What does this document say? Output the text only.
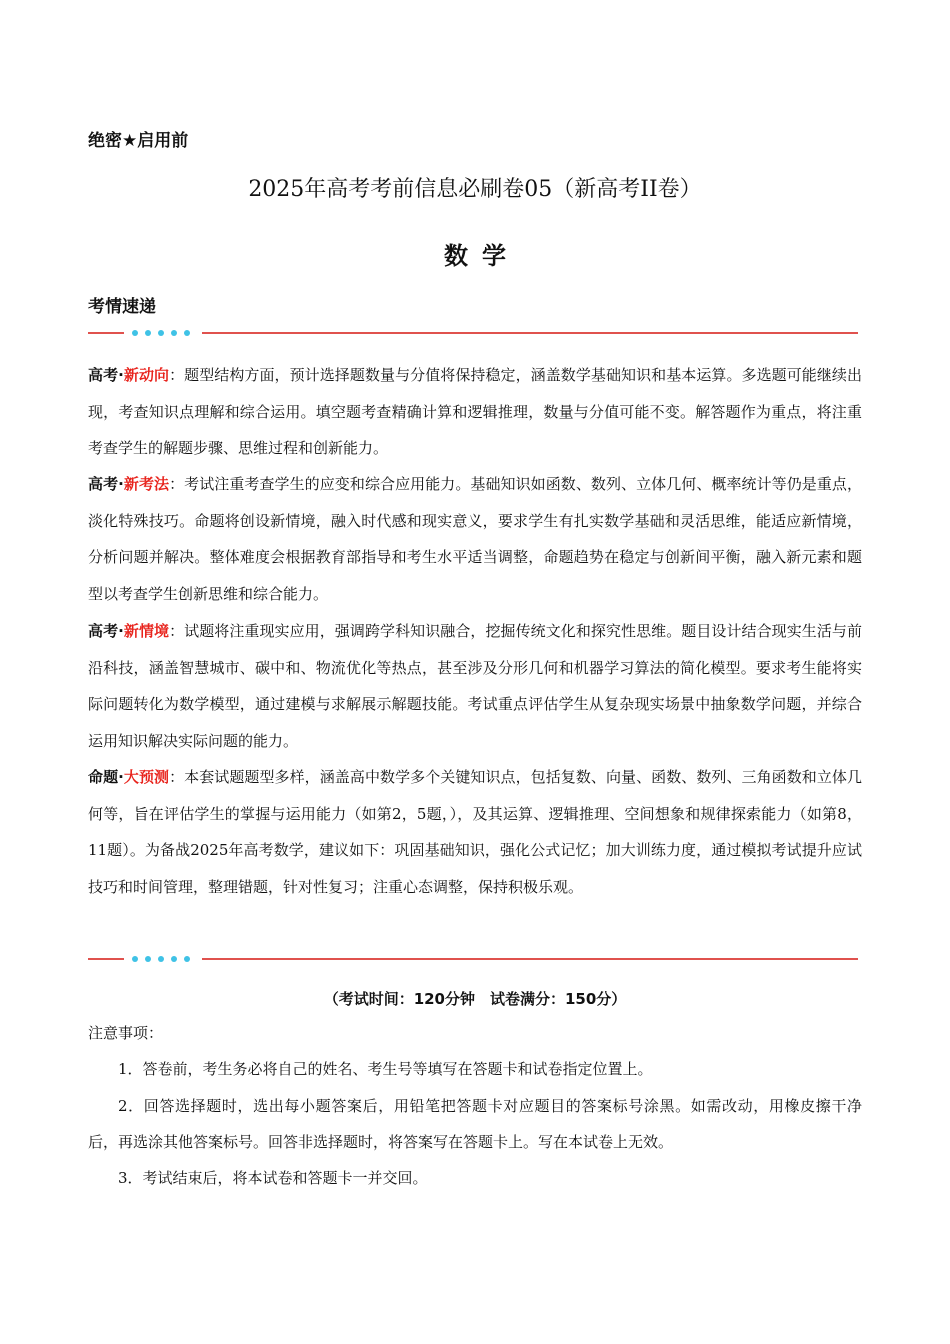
绝密★启用前
2025年高考考前信息必刷卷05（新高考II卷）
数学
考情速递
高考·新动向：题型结构方面，预计选择题数量与分值将保持稳定，涵盖数学基础知识和基本运算。多选题可能继续出现，考查知识点理解和综合运用。填空题考查精确计算和逻辑推理，数量与分值可能不变。解答题作为重点，将注重考查学生的解题步骤、思维过程和创新能力。
高考·新考法：考试注重考查学生的应变和综合应用能力。基础知识如函数、数列、立体几何、概率统计等仍是重点，淡化特殊技巧。命题将创设新情境，融入时代感和现实意义，要求学生有扎实数学基础和灵活思维，能适应新情境，分析问题并解决。整体难度会根据教育部指导和考生水平适当调整，命题趋势在稳定与创新间平衡，融入新元素和题型以考查学生创新思维和综合能力。
高考·新情境：试题将注重现实应用，强调跨学科知识融合，挖掘传统文化和探究性思维。题目设计结合现实生活与前沿科技，涵盖智慧城市、碳中和、物流优化等热点，甚至涉及分形几何和机器学习算法的简化模型。要求考生能将实际问题转化为数学模型，通过建模与求解展示解题技能。考试重点评估学生从复杂现实场景中抽象数学问题，并综合运用知识解决实际问题的能力。
命题·大预测：本套试题题型多样，涵盖高中数学多个关键知识点，包括复数、向量、函数、数列、三角函数和立体几何等，旨在评估学生的掌握与运用能力（如第2，5题，），及其运算、逻辑推理、空间想象和规律探索能力（如第8，11题）。为备战2025年高考数学，建议如下：巩固基础知识，强化公式记忆；加大训练力度，通过模拟考试提升应试技巧和时间管理，整理错题，针对性复习；注重心态调整，保持积极乐观。
（考试时间：120分钟　试卷满分：150分）
注意事项：
1．答卷前，考生务必将自己的姓名、考生号等填写在答题卡和试卷指定位置上。
2．回答选择题时，选出每小题答案后，用铅笔把答题卡对应题目的答案标号涂黑。如需改动，用橡皮擦干净后，再选涂其他答案标号。回答非选择题时，将答案写在答题卡上。写在本试卷上无效。
3．考试结束后，将本试卷和答题卡一并交回。
